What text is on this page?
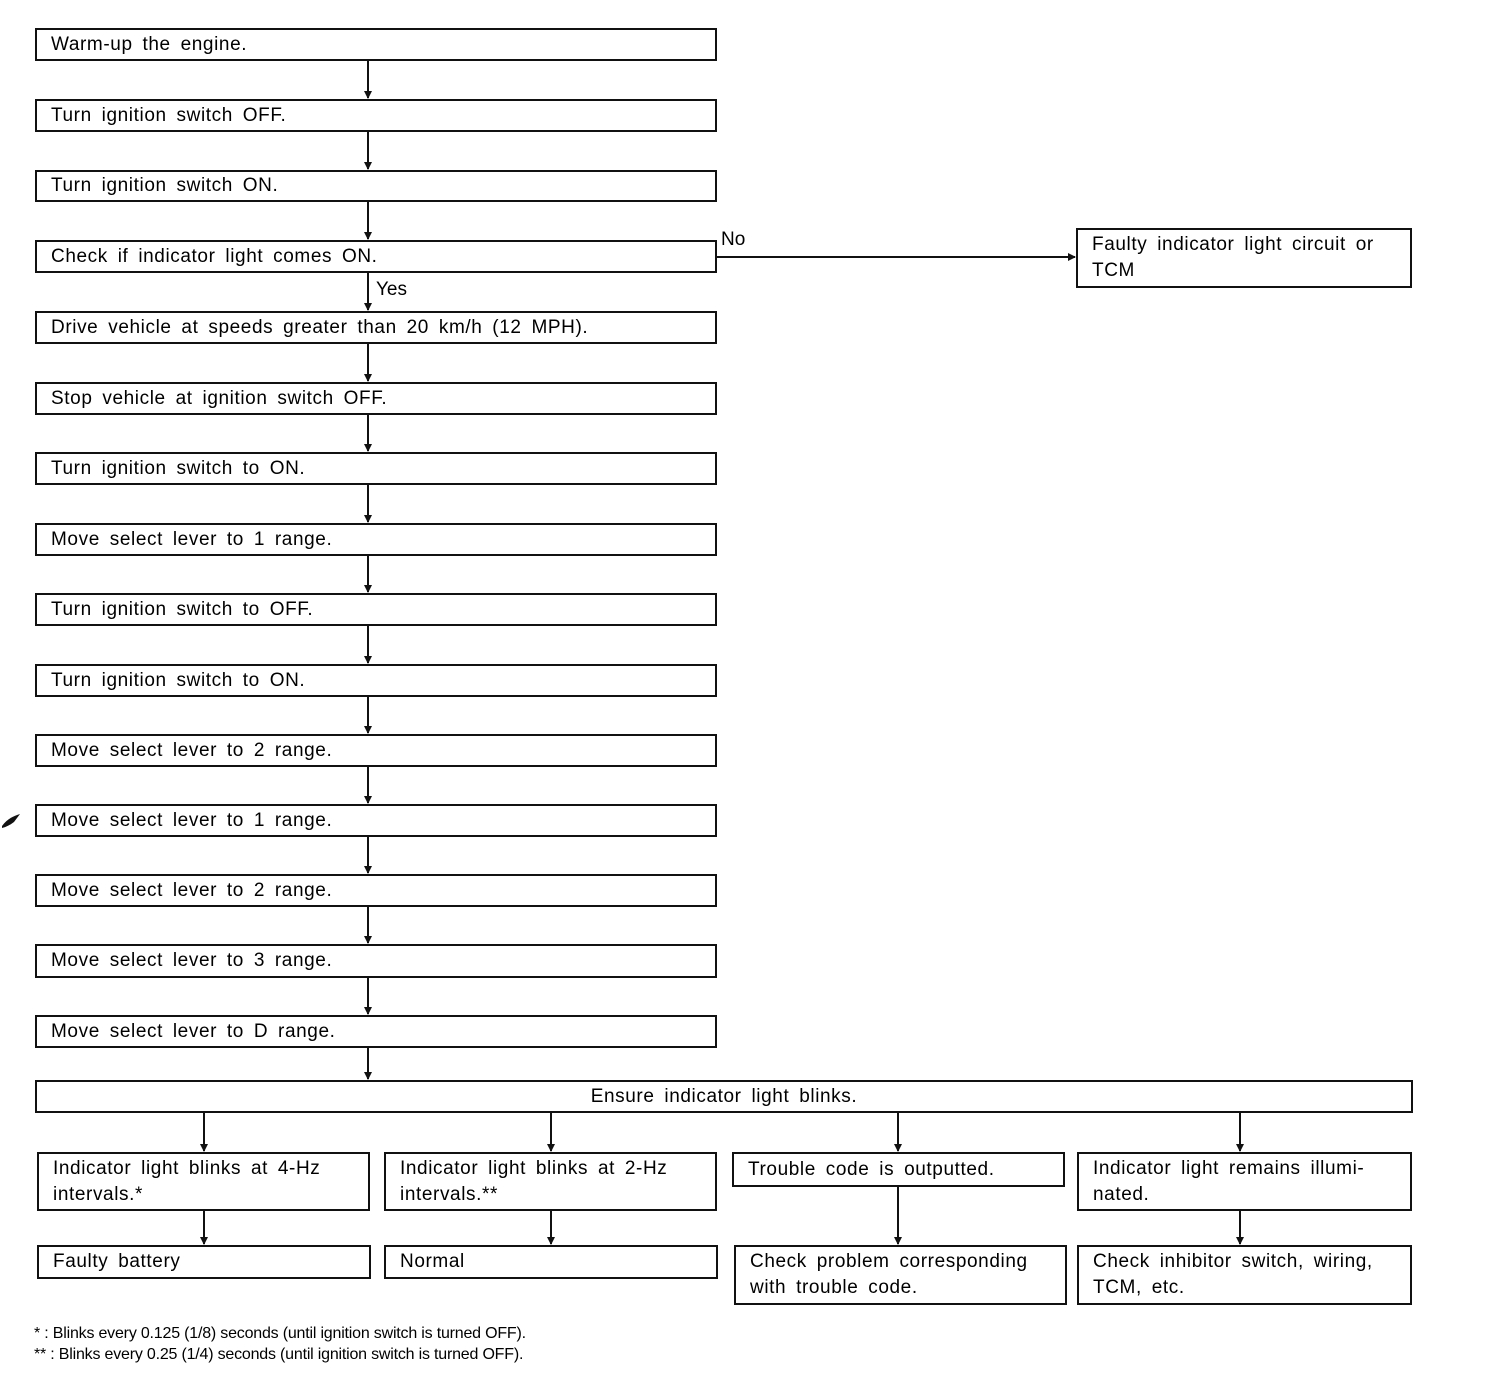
Warm-up the engine.
Turn ignition switch OFF.
Turn ignition switch ON.
Check if indicator light comes ON.
Drive vehicle at speeds greater than 20 km/h (12 MPH).
Stop vehicle at ignition switch OFF.
Turn ignition switch to ON.
Move select lever to 1 range.
Turn ignition switch to OFF.
Turn ignition switch to ON.
Move select lever to 2 range.
Move select lever to 1 range.
Move select lever to 2 range.
Move select lever to 3 range.
Move select lever to D range.
No
Yes
Faulty indicator light circuit or
TCM
Ensure indicator light blinks.
Indicator light blinks at 4-Hz
intervals.*
Indicator light blinks at 2-Hz
intervals.**
Trouble code is outputted.	Indicator light remains illumi-
nated.
Faulty battery	Normal	Check problem corresponding
with trouble code.
Check inhibitor switch, wiring,
TCM, etc.
* : Blinks every 0.125 (1/8) seconds (until ignition switch is turned OFF).
** : Blinks every 0.25 (1/4) seconds (until ignition switch is turned OFF).
